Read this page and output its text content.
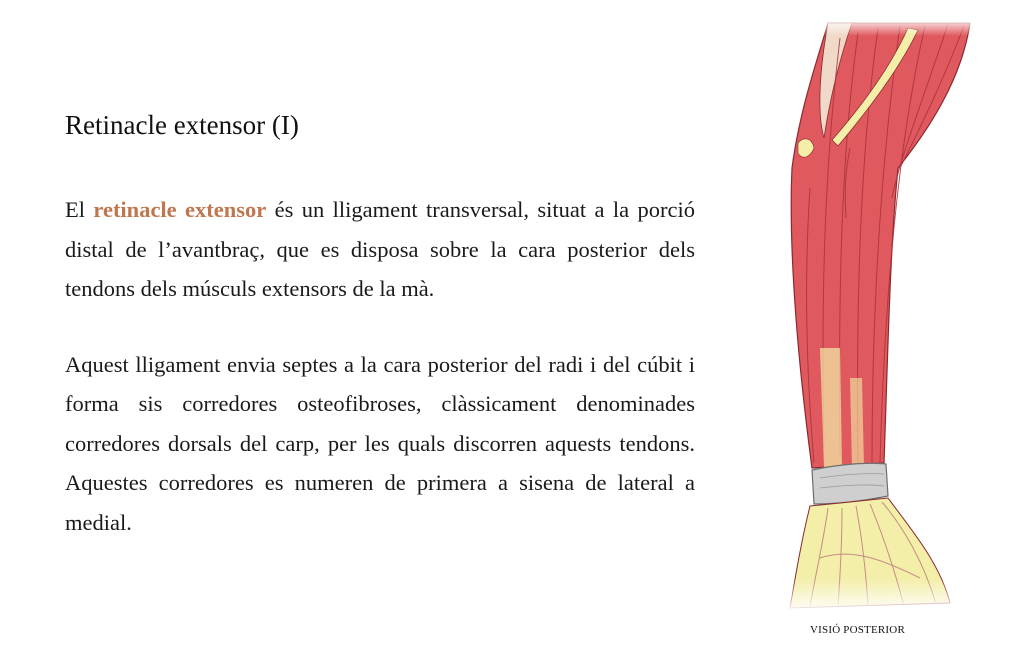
Retinacle extensor (I)

El retinacle extensor és un lligament transversal, situat a la porció distal de l’avantbraç, que es disposa sobre la cara posterior dels tendons dels músculs extensors de la mà.

Aquest lligament envia septes a la cara posterior del radi i del cúbit i forma sis corredores osteofibroses, clàssicament denominades corredores dorsals del carp, per les quals discorren aquests tendons. Aquestes corredores es numeren de primera a sisena de lateral a medial.

VISIÓ POSTERIOR
